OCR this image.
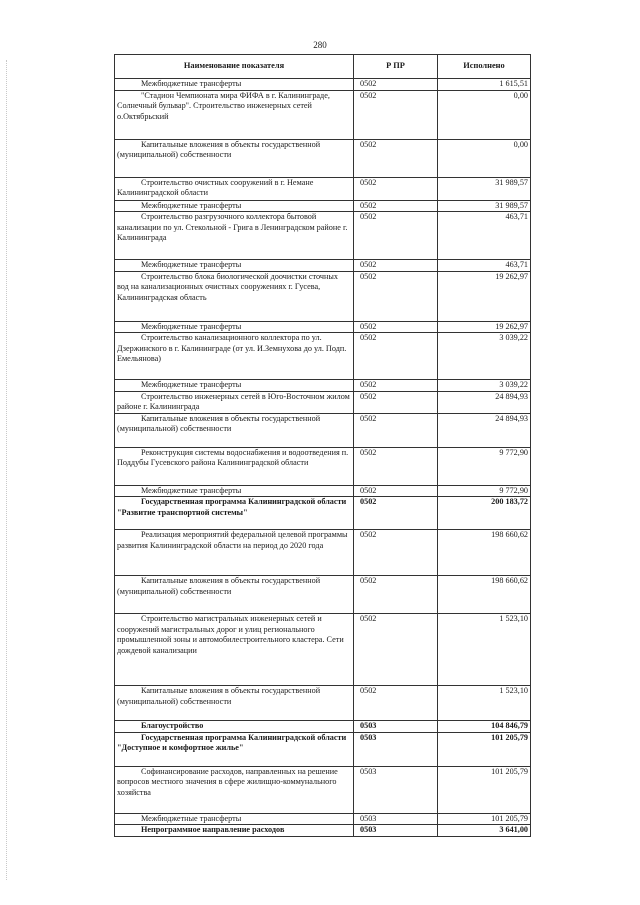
280
Наименование показателя	Р ПР	Исполнено
Межбюджетные трансферты	0502	1 615,51
"Стадион Чемпионата мира ФИФА в г. Калининграде, Солнечный бульвар". Строительство инженерных сетей о.Октябрьский	0502	0,00
Капитальные вложения в объекты государственной (муниципальной) собственности	0502	0,00
Строительство очистных сооружений в г. Немане Калининградской области	0502	31 989,57
Межбюджетные трансферты	0502	31 989,57
Строительство разгрузочного коллектора бытовой канализации по ул. Стекольной - Грига в Ленинградском районе г. Калининграда	0502	463,71
Межбюджетные трансферты	0502	463,71
Строительство блока биологической доочистки сточных вод на канализационных очистных сооружениях г. Гусева, Калининградская область	0502	19 262,97
Межбюджетные трансферты	0502	19 262,97
Строительство канализационного коллектора по ул. Дзержинского в г. Калининграде (от ул. И.Земнухова до ул. Подп. Емельянова)	0502	3 039,22
Межбюджетные трансферты	0502	3 039,22
Строительство инженерных сетей в Юго-Восточном жилом районе г. Калининграда	0502	24 894,93
Капитальные вложения в объекты государственной (муниципальной) собственности	0502	24 894,93
Реконструкция системы водоснабжения и водоотведения п. Поддубы Гусевского района Калининградской области	0502	9 772,90
Межбюджетные трансферты	0502	9 772,90
Государственная программа Калининградской области "Развитие транспортной системы"	0502	200 183,72
Реализация мероприятий федеральной целевой программы развития Калининградской области на период до 2020 года	0502	198 660,62
Капитальные вложения в объекты государственной (муниципальной) собственности	0502	198 660,62
Строительство магистральных инженерных сетей и сооружений магистральных дорог и улиц регионального промышленной зоны и автомобилестроительного кластера. Сети дождевой канализации	0502	1 523,10
Капитальные вложения в объекты государственной (муниципальной) собственности	0502	1 523,10
Благоустройство	0503	104 846,79
Государственная программа Калининградской области "Доступное и комфортное жилье"	0503	101 205,79
Софинансирование расходов, направленных на решение вопросов местного значения в сфере жилищно-коммунального хозяйства	0503	101 205,79
Межбюджетные трансферты	0503	101 205,79
Непрограммное направление расходов	0503	3 641,00
